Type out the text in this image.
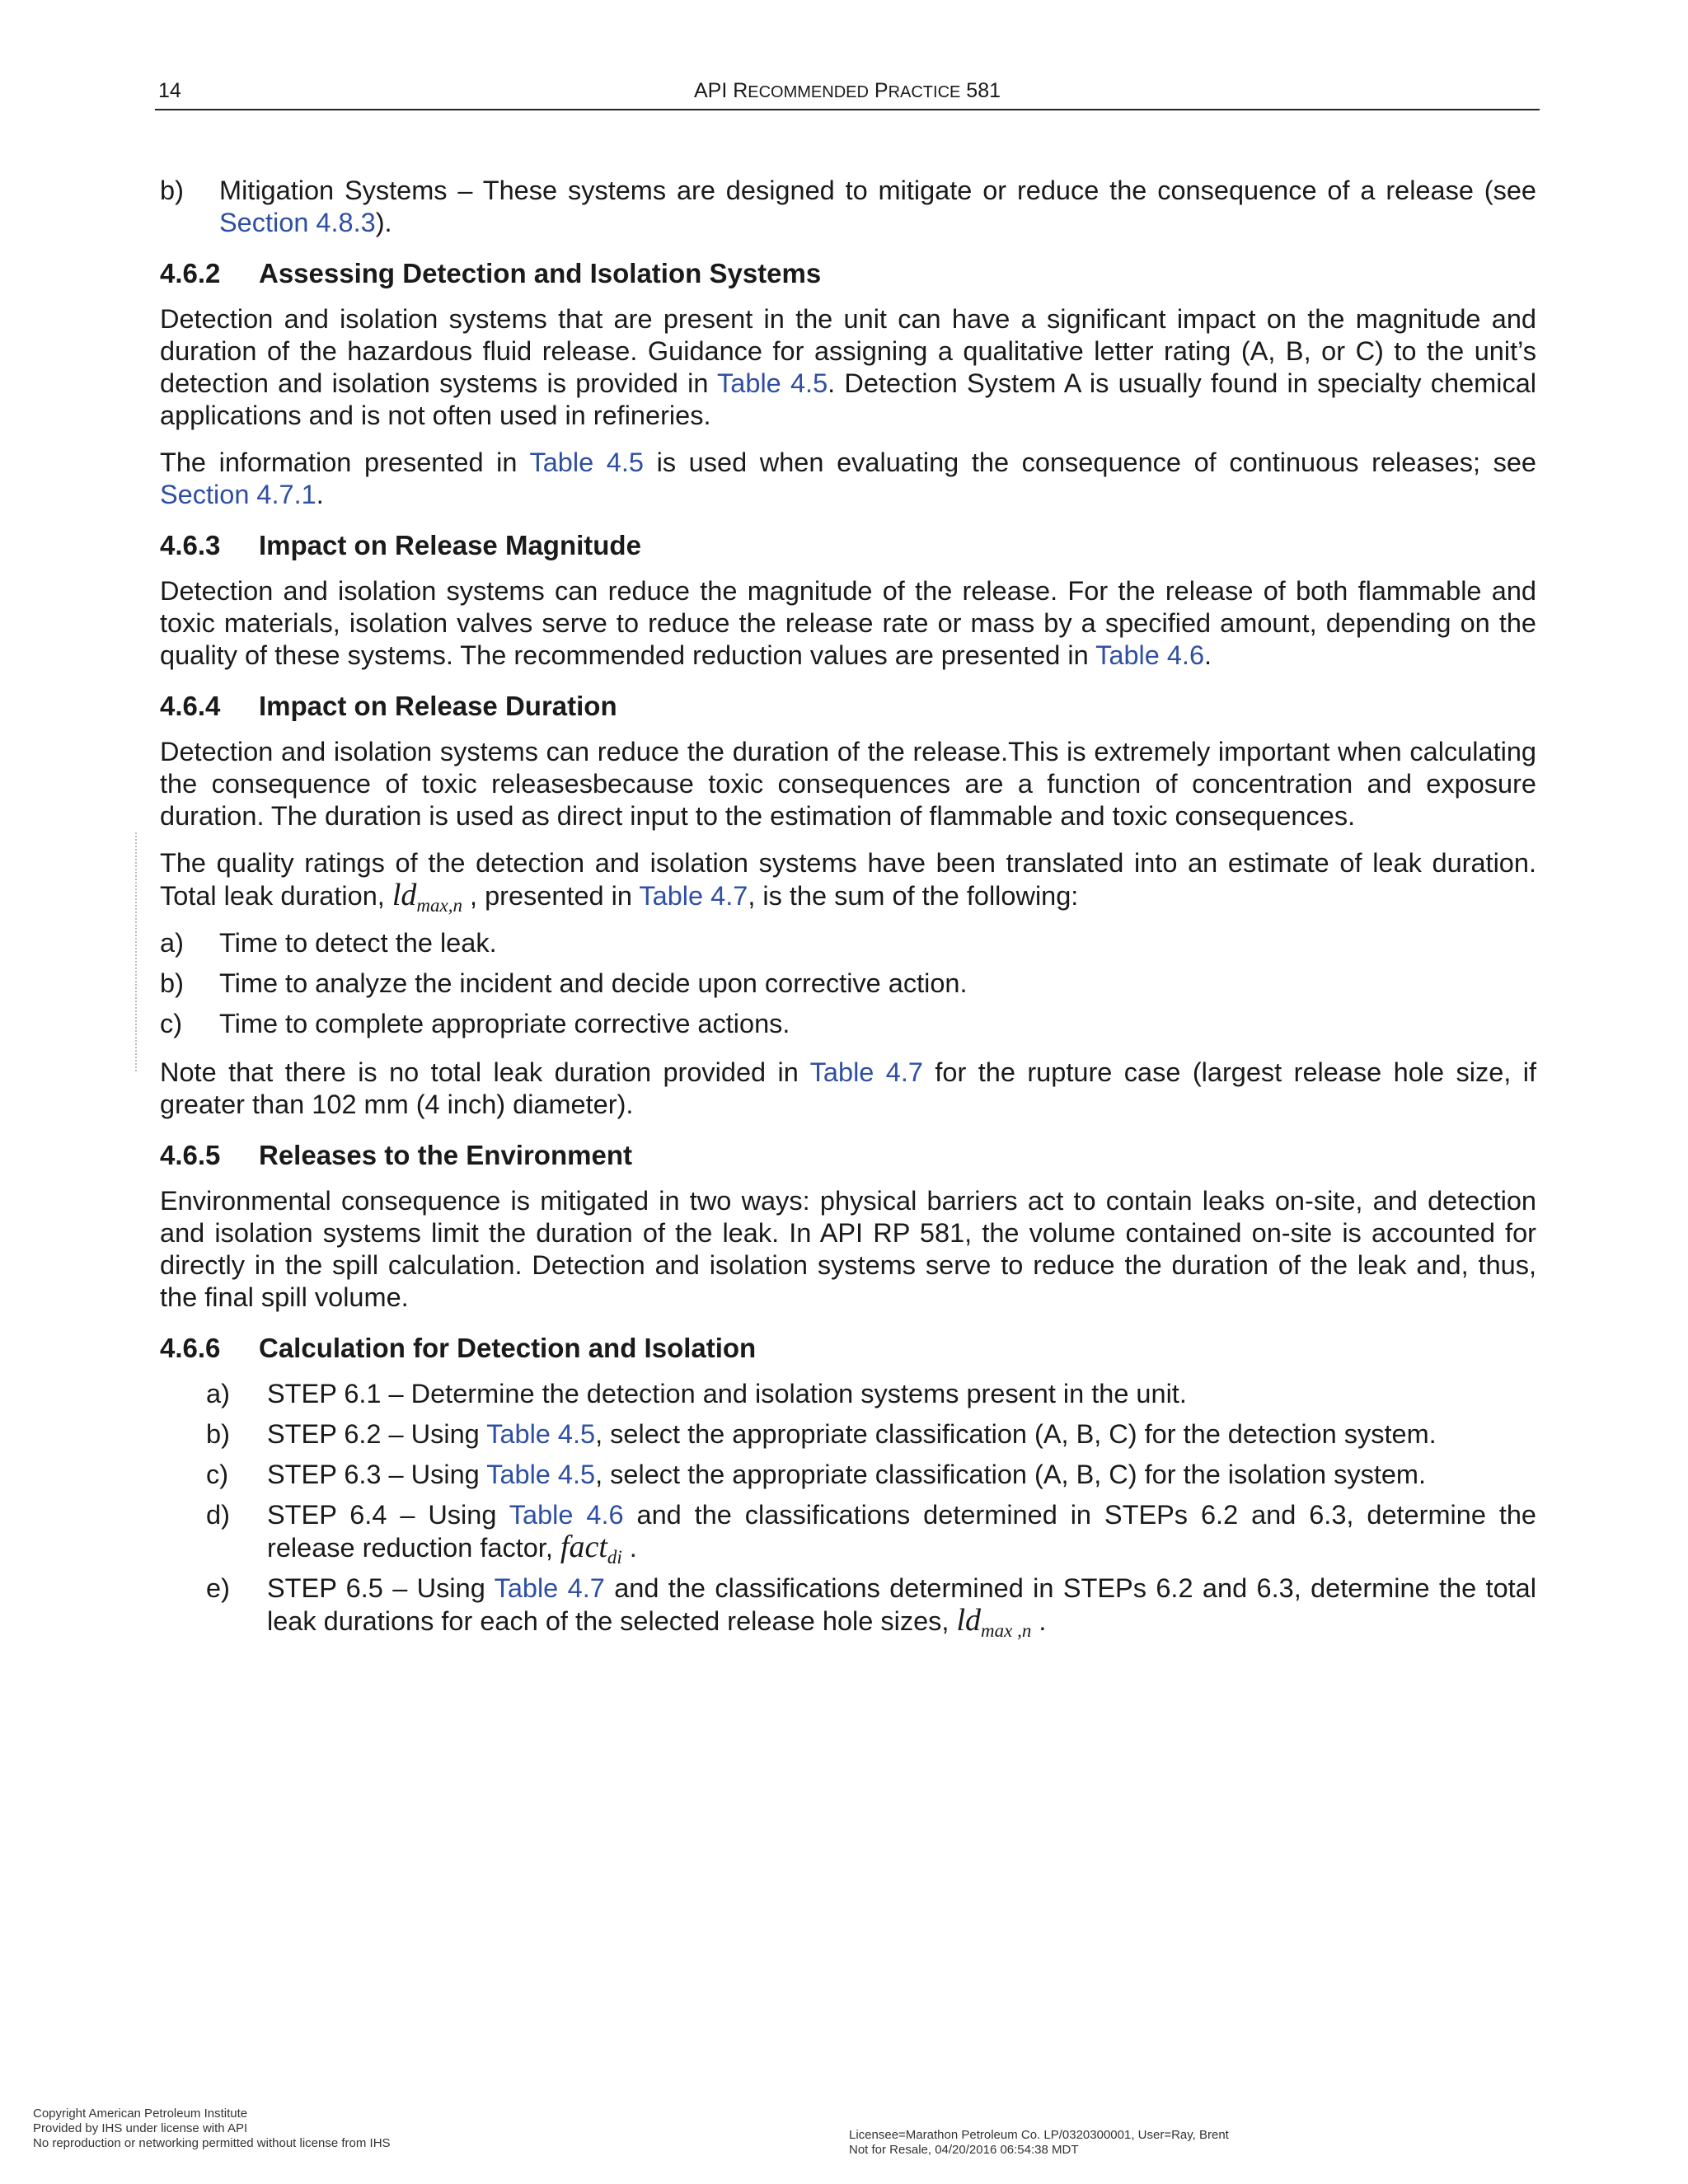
14	API RECOMMENDED PRACTICE 581
b) Mitigation Systems – These systems are designed to mitigate or reduce the consequence of a release (see Section 4.8.3).
4.6.2 Assessing Detection and Isolation Systems

Detection and isolation systems that are present in the unit can have a significant impact on the magnitude and duration of the hazardous fluid release. Guidance for assigning a qualitative letter rating (A, B, or C) to the unit’s detection and isolation systems is provided in Table 4.5. Detection System A is usually found in specialty chemical applications and is not often used in refineries.

The information presented in Table 4.5 is used when evaluating the consequence of continuous releases; see Section 4.7.1.

4.6.3 Impact on Release Magnitude

Detection and isolation systems can reduce the magnitude of the release. For the release of both flammable and toxic materials, isolation valves serve to reduce the release rate or mass by a specified amount, depending on the quality of these systems. The recommended reduction values are presented in Table 4.6.

4.6.4 Impact on Release Duration

Detection and isolation systems can reduce the duration of the release.This is extremely important when calculating the consequence of toxic releasesbecause toxic consequences are a function of concentration and exposure duration. The duration is used as direct input to the estimation of flammable and toxic consequences.

The quality ratings of the detection and isolation systems have been translated into an estimate of leak duration. Total leak duration, $ld_{max,n}$ , presented in Table 4.7, is the sum of the following:

a) Time to detect the leak.
b) Time to analyze the incident and decide upon corrective action.
c) Time to complete appropriate corrective actions.

Note that there is no total leak duration provided in Table 4.7 for the rupture case (largest release hole size, if greater than 102 mm (4 inch) diameter).

4.6.5 Releases to the Environment

Environmental consequence is mitigated in two ways: physical barriers act to contain leaks on-site, and detection and isolation systems limit the duration of the leak. In API RP 581, the volume contained on-site is accounted for directly in the spill calculation. Detection and isolation systems serve to reduce the duration of the leak and, thus, the final spill volume.

4.6.6 Calculation for Detection and Isolation
a) STEP 6.1 – Determine the detection and isolation systems present in the unit.
b) STEP 6.2 – Using Table 4.5, select the appropriate classification (A, B, C) for the detection system.
c) STEP 6.3 – Using Table 4.5, select the appropriate classification (A, B, C) for the isolation system.
d) STEP 6.4 – Using Table 4.6 and the classifications determined in STEPs 6.2 and 6.3, determine the release reduction factor, fact$_{di}$ .
e) STEP 6.5 – Using Table 4.7 and the classifications determined in STEPs 6.2 and 6.3, determine the total leak durations for each of the selected release hole sizes, $ld_{max ,n}$ .
Copyright American Petroleum Institute
Provided by IHS under license with API
No reproduction or networking permitted without license from IHS
Licensee=Marathon Petroleum Co. LP/0320300001, User=Ray, Brent
Not for Resale, 04/20/2016 06:54:38 MDT
